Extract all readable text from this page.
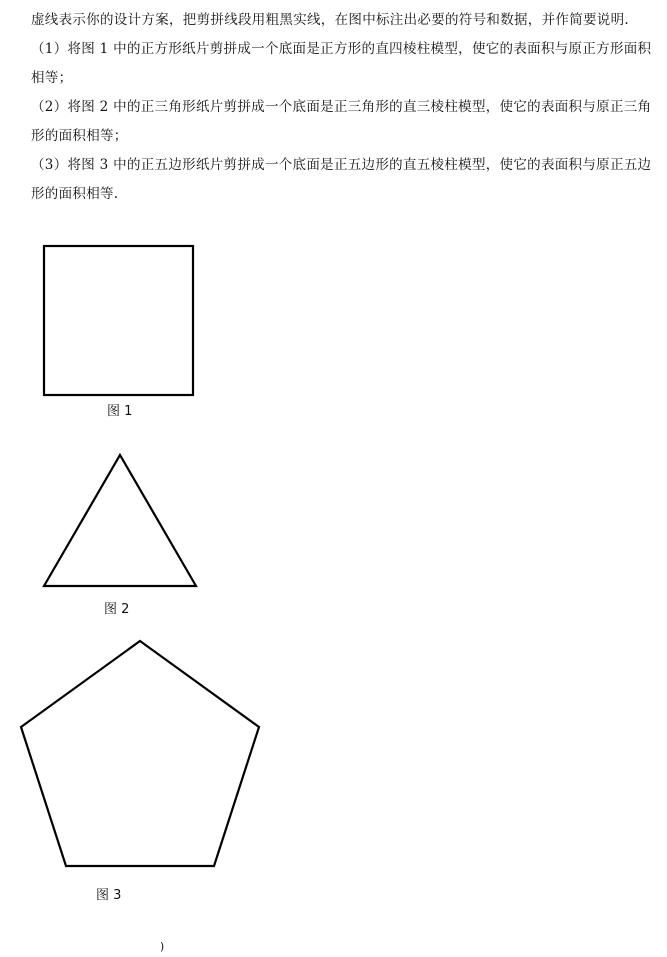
虚线表示你的设计方案，把剪拼线段用粗黑实线，在图中标注出必要的符号和数据，并作简要说明.

（1）将图 1 中的正方形纸片剪拼成一个底面是正方形的直四棱柱模型，使它的表面积与原正方形面积相等；

（2）将图 2 中的正三角形纸片剪拼成一个底面是正三角形的直三棱柱模型，使它的表面积与原正三角形的面积相等；

（3）将图 3 中的正五边形纸片剪拼成一个底面是正五边形的直五棱柱模型，使它的表面积与原正五边形的面积相等.

图 1
图 2
图 3
)
